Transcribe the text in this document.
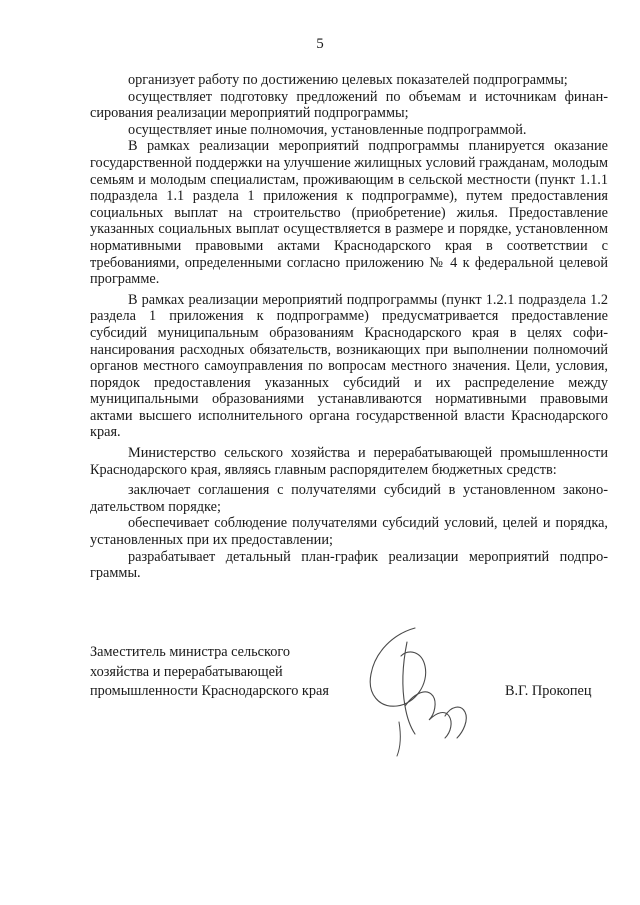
5

организует работу по достижению целевых показателей подпрограммы;

осуществляет подготовку предложений по объемам и источникам финансирования реализации мероприятий подпрограммы;

осуществляет иные полномочия, установленные подпрограммой.

В рамках реализации мероприятий подпрограммы планируется оказание государственной поддержки на улучшение жилищных условий гражданам, молодым семьям и молодым специалистам, проживающим в сельской местности (пункт 1.1.1 подраздела 1.1 раздела 1 приложения к подпрограмме), путем предоставления социальных выплат на строительство (приобретение) жилья. Предоставление указанных социальных выплат осуществляется в размере и порядке, установленном нормативными правовыми актами Краснодарского края в соответствии с требованиями, определенными согласно приложению № 4 к федеральной целевой программе.

В рамках реализации мероприятий подпрограммы (пункт 1.2.1 подраздела 1.2 раздела 1 приложения к подпрограмме) предусматривается предоставление субсидий муниципальным образованиям Краснодарского края в целях софинансирования расходных обязательств, возникающих при выполнении полномочий органов местного самоуправления по вопросам местного значения. Цели, условия, порядок предоставления указанных субсидий и их распределение между муниципальными образованиями устанавливаются нормативными правовыми актами высшего исполнительного органа государственной власти Краснодарского края.

Министерство сельского хозяйства и перерабатывающей промышленности Краснодарского края, являясь главным распорядителем бюджетных средств:

заключает соглашения с получателями субсидий в установленном законодательством порядке;

обеспечивает соблюдение получателями субсидий условий, целей и порядка, установленных при их предоставлении;

разрабатывает детальный план-график реализации мероприятий подпрограммы.

Заместитель министра сельского
хозяйства и перерабатывающей
промышленности Краснодарского края	В.Г. Прокопец
